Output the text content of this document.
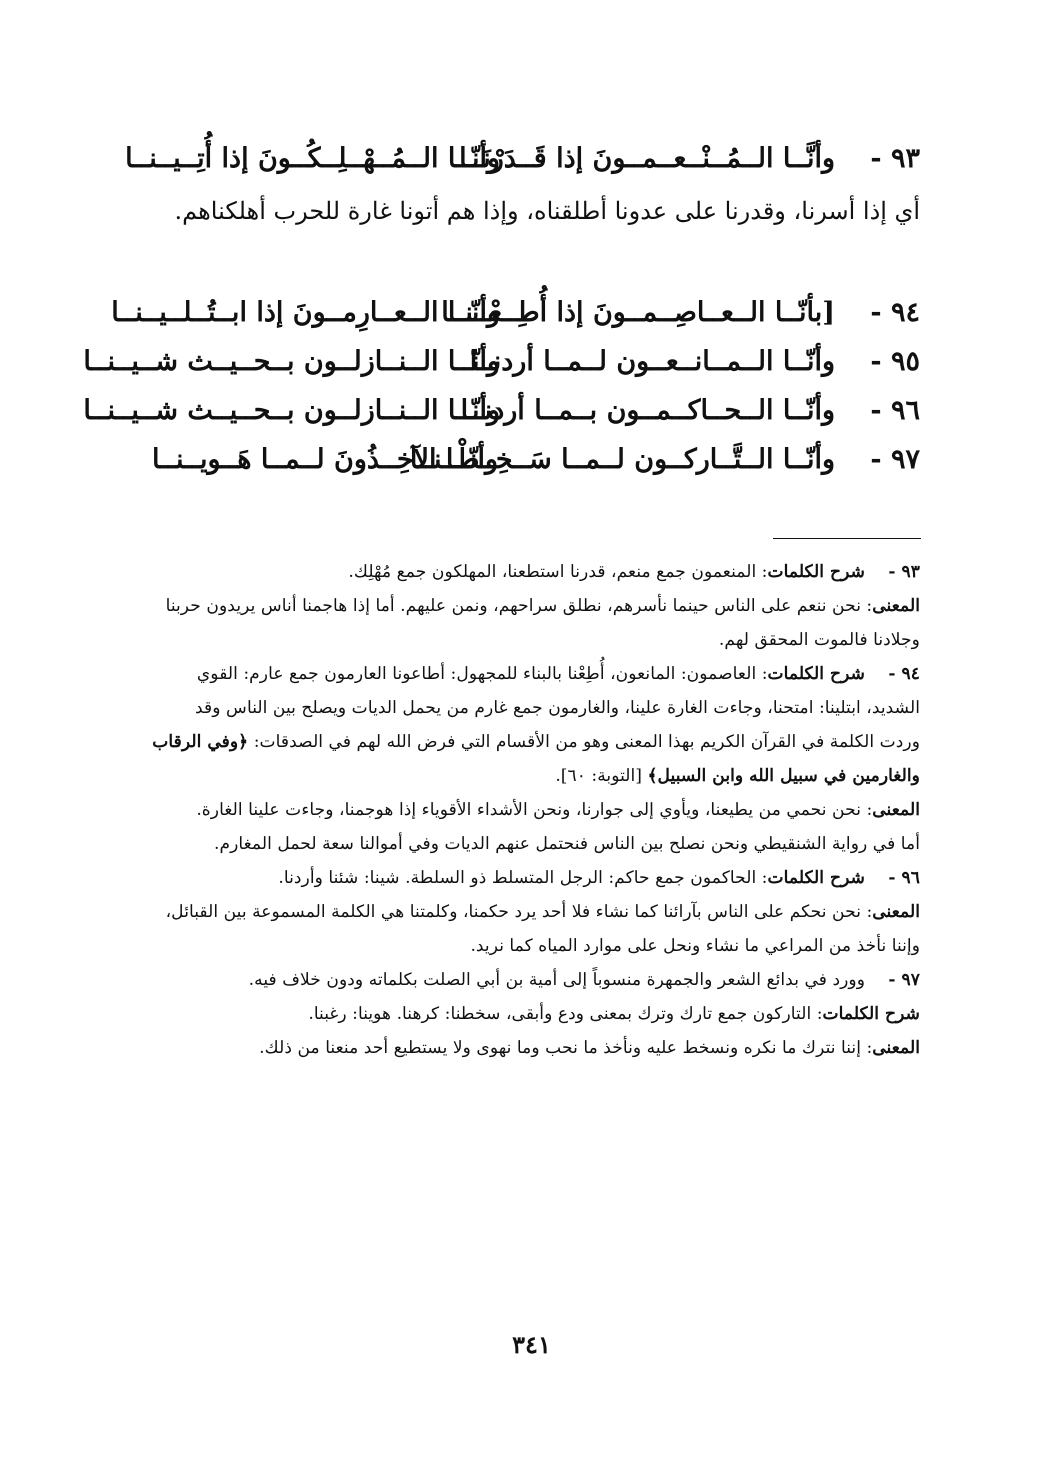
٩٣ -
وأنَّــا الــمُــنْــعــمــونَ إذا قَــدَرْنَــا
وأنّــا الــمُــهْــلِــكُــونَ إذا أُتِــيــنــا
أي إذا أسرنا، وقدرنا على عدونا أطلقناه، وإذا هم أتونا غارة للحرب أهلكناهم.
٩٤ -
[بأنّــا الــعــاصِــمــونَ إذا أُطِــعْــنــا
وأنّــا الــعــارِمــونَ إذا ابــتُــلــيــنــا
٩٥ -
وأنّــا الــمــانــعــون لــمــا أردنــا
وأنّــا الــنــازلــون بــحــيــث شــيــنــا
٩٦ -
وأنّــا الــحــاكــمــون بــمــا أردنــا
وأنّــا الــنــازلــون بــحــيــث شــيــنــا
٩٧ -
وأنّــا الــتَّــاركــون لــمــا سَــخِــطْــنــا
وأنّــا الآخِــذُونَ لــمــا هَــويــنــا
٩٣ -

شرح الكلمات: المنعمون جمع منعم، قدرنا استطعنا، المهلكون جمع مُهْلِك.

المعنى: نحن ننعم على الناس حينما نأسرهم، نطلق سراحهم، ونمن عليهم. أما إذا هاجمنا أناس يريدون حربنا وجلادنا فالموت المحقق لهم.

٩٤ -

شرح الكلمات: العاصمون: المانعون، أُطِعْنا بالبناء للمجهول: أطاعونا العارمون جمع عارم: القوي الشديد، ابتلينا: امتحنا، وجاءت الغارة علينا، والغارمون جمع غارم من يحمل الديات ويصلح بين الناس وقد وردت الكلمة في القرآن الكريم بهذا المعنى وهو من الأقسام التي فرض الله لهم في الصدقات: ﴿وفي الرقاب والغارمين في سبيل الله وابن السبيل﴾ [التوبة: ٦٠].

المعنى: نحن نحمي من يطيعنا، ويأوي إلى جوارنا، ونحن الأشداء الأقوياء إذا هوجمنا، وجاءت علينا الغارة.

أما في رواية الشنقيطي ونحن نصلح بين الناس فنحتمل عنهم الديات وفي أموالنا سعة لحمل المغارم.

٩٦ -

شرح الكلمات: الحاكمون جمع حاكم: الرجل المتسلط ذو السلطة. شينا: شئنا وأردنا.

المعنى: نحن نحكم على الناس بآرائنا كما نشاء فلا أحد يرد حكمنا، وكلمتنا هي الكلمة المسموعة بين القبائل، وإننا نأخذ من المراعي ما نشاء ونحل على موارد المياه كما نريد.

٩٧ -

وورد في بدائع الشعر والجمهرة منسوباً إلى أمية بن أبي الصلت بكلماته ودون خلاف فيه.

شرح الكلمات: التاركون جمع تارك وترك بمعنى ودع وأبقى، سخطنا: كرهنا. هوينا: رغبنا.

المعنى: إننا نترك ما نكره ونسخط عليه ونأخذ ما نحب وما نهوى ولا يستطيع أحد منعنا من ذلك.

٣٤١
